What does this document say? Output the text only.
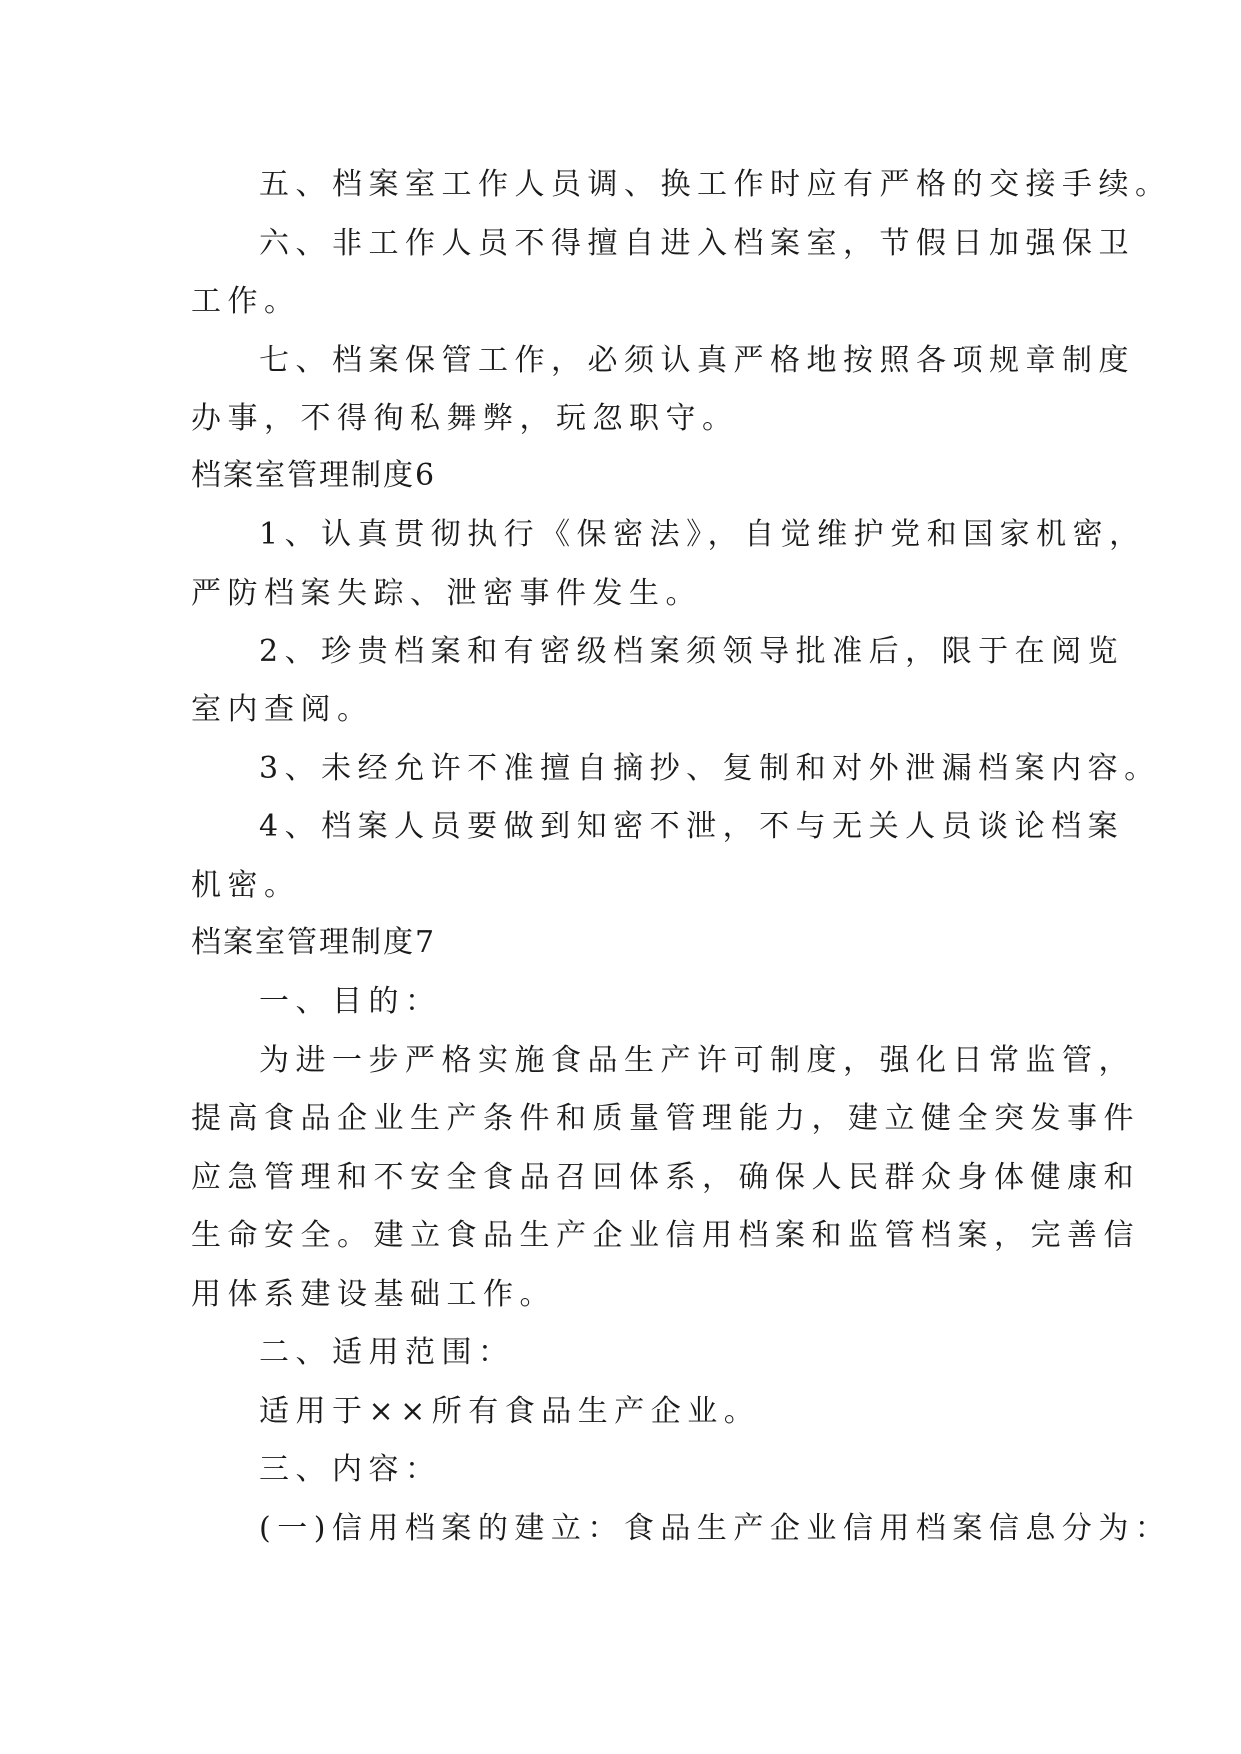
五、档案室工作人员调、换工作时应有严格的交接手续。
六、非工作人员不得擅自进入档案室，节假日加强保卫
工作。
七、档案保管工作，必须认真严格地按照各项规章制度
办事，不得徇私舞弊，玩忽职守。
档案室管理制度6
1、认真贯彻执行《保密法》，自觉维护党和国家机密，
严防档案失踪、泄密事件发生。
2、珍贵档案和有密级档案须领导批准后，限于在阅览
室内查阅。
3、未经允许不准擅自摘抄、复制和对外泄漏档案内容。
4、档案人员要做到知密不泄，不与无关人员谈论档案
机密。
档案室管理制度7
一、目的：
为进一步严格实施食品生产许可制度，强化日常监管，
提高食品企业生产条件和质量管理能力，建立健全突发事件
应急管理和不安全食品召回体系，确保人民群众身体健康和
生命安全。建立食品生产企业信用档案和监管档案，完善信
用体系建设基础工作。
二、适用范围：
适用于××所有食品生产企业。
三、内容：
(一)信用档案的建立：食品生产企业信用档案信息分为：
